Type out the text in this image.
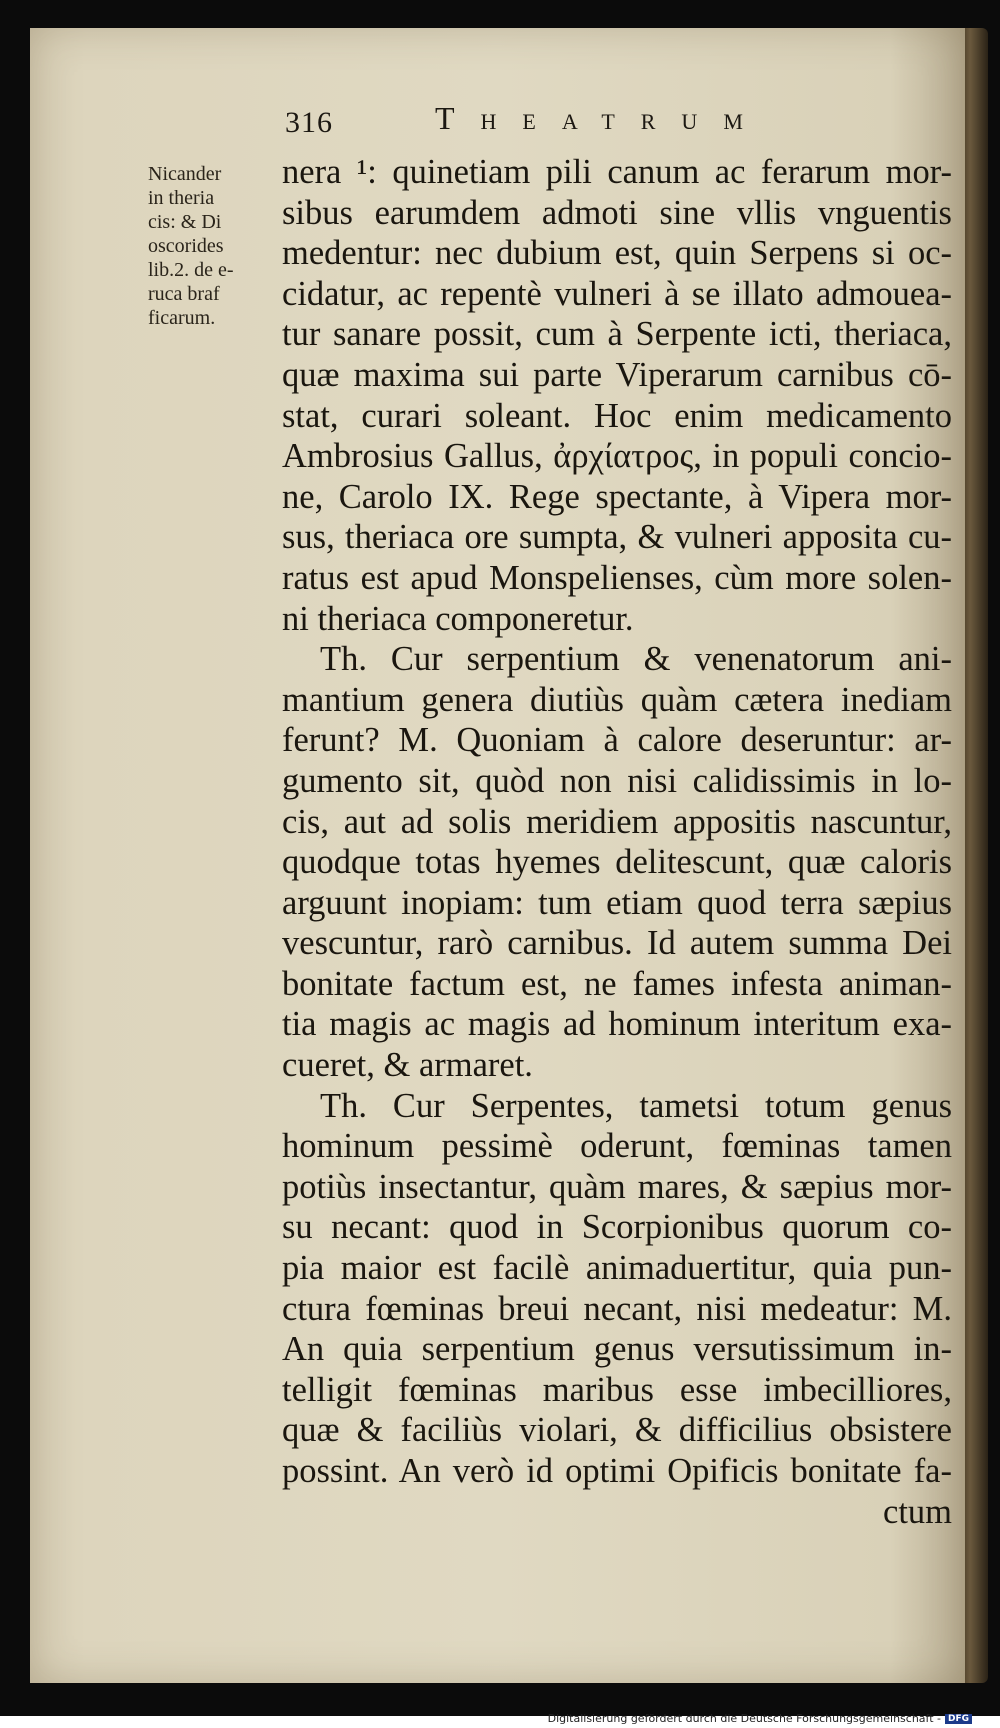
316	Theatrum
Nicander
in theria
cis: & Di
oscorides
lib.2. de e-
ruca braf
ficarum.
nera ¹: quinetiam pili canum ac ferarum mor-
sibus earumdem admoti sine vllis vnguentis
medentur: nec dubium est, quin Serpens si oc-
cidatur, ac repentè vulneri à se illato admouea-
tur sanare possit, cum à Serpente icti, theriaca,
quæ maxima sui parte Viperarum carnibus cō-
stat, curari soleant. Hoc enim medicamento
Ambrosius Gallus, ἀρχίατρος, in populi concio-
ne, Carolo IX. Rege spectante, à Vipera mor-
sus, theriaca ore sumpta, & vulneri apposita cu-
ratus est apud Monspelienses, cùm more solen-
ni theriaca componeretur.
Th. Cur serpentium & venenatorum ani-
mantium genera diutiùs quàm cætera inediam
ferunt? M. Quoniam à calore deseruntur: ar-
gumento sit, quòd non nisi calidissimis in lo-
cis, aut ad solis meridiem appositis nascuntur,
quodque totas hyemes delitescunt, quæ caloris
arguunt inopiam: tum etiam quod terra sæpius
vescuntur, rarò carnibus. Id autem summa Dei
bonitate factum est, ne fames infesta animan-
tia magis ac magis ad hominum interitum exa-
cueret, & armaret.
Th. Cur Serpentes, tametsi totum genus
hominum pessimè oderunt, fœminas tamen
potiùs insectantur, quàm mares, & sæpius mor-
su necant: quod in Scorpionibus quorum co-
pia maior est facilè animaduertitur, quia pun-
ctura fœminas breui necant, nisi medeatur: M.
An quia serpentium genus versutissimum in-
telligit fœminas maribus esse imbecilliores,
quæ & faciliùs violari, & difficilius obsistere
possint. An verò id optimi Opificis bonitate fa-
ctum
Digitalisierung gefördert durch die Deutsche Forschungsgemeinschaft - DFG
